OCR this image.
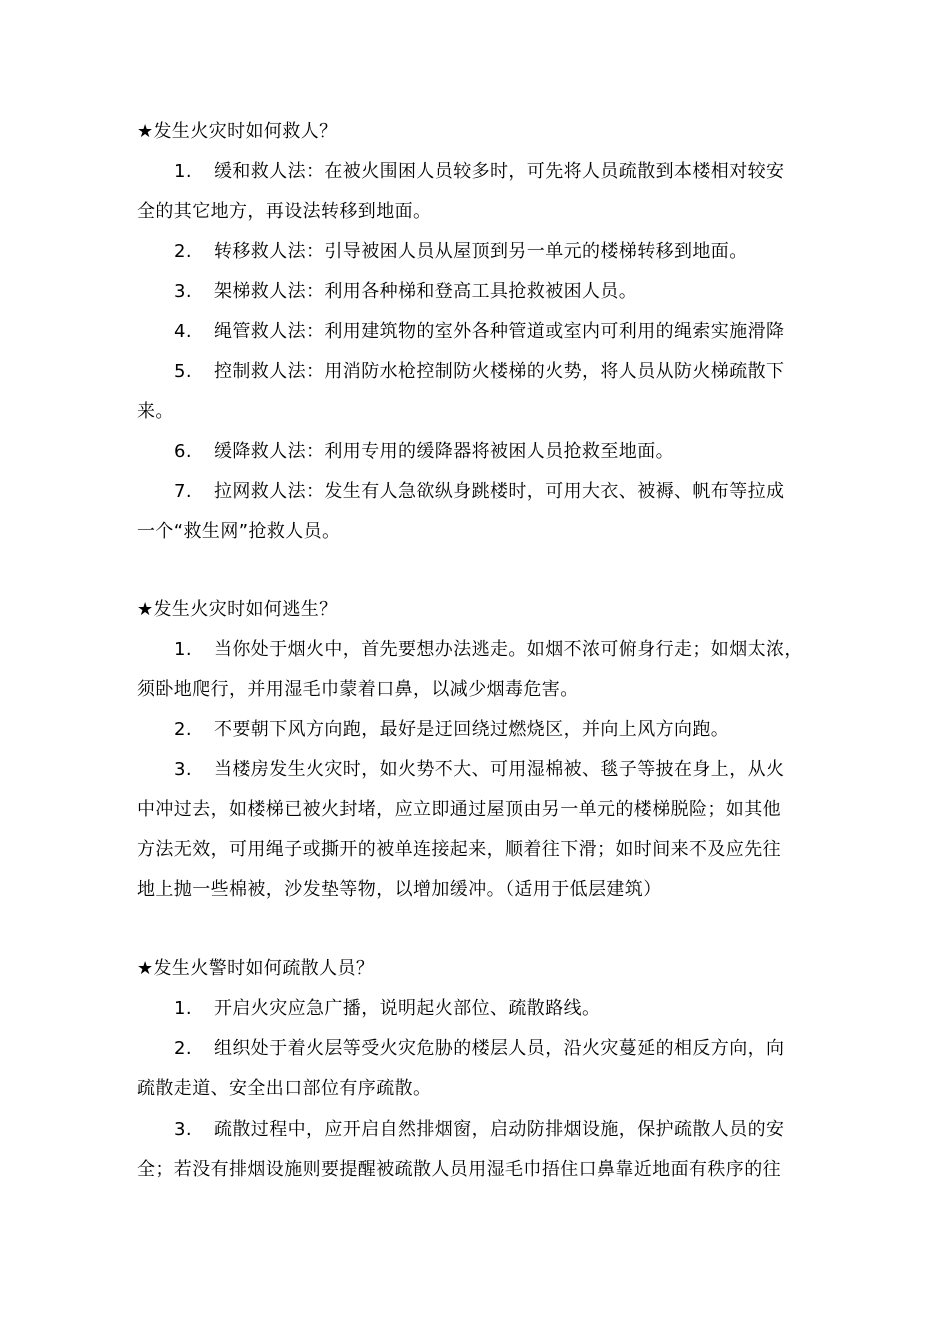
★发生火灾时如何救人？
1. 缓和救人法：在被火围困人员较多时，可先将人员疏散到本楼相对较安
全的其它地方，再设法转移到地面。
2. 转移救人法：引导被困人员从屋顶到另一单元的楼梯转移到地面。
3. 架梯救人法：利用各种梯和登高工具抢救被困人员。
4. 绳管救人法：利用建筑物的室外各种管道或室内可利用的绳索实施滑降
5. 控制救人法：用消防水枪控制防火楼梯的火势，将人员从防火梯疏散下
来。
6. 缓降救人法：利用专用的缓降器将被困人员抢救至地面。
7. 拉网救人法：发生有人急欲纵身跳楼时，可用大衣、被褥、帆布等拉成
一个“救生网”抢救人员。
★发生火灾时如何逃生？
1. 当你处于烟火中，首先要想办法逃走。如烟不浓可俯身行走；如烟太浓，
须卧地爬行，并用湿毛巾蒙着口鼻，以减少烟毒危害。
2. 不要朝下风方向跑，最好是迂回绕过燃烧区，并向上风方向跑。
3. 当楼房发生火灾时，如火势不大、可用湿棉被、毯子等披在身上，从火
中冲过去，如楼梯已被火封堵，应立即通过屋顶由另一单元的楼梯脱险；如其他
方法无效，可用绳子或撕开的被单连接起来，顺着往下滑；如时间来不及应先往
地上抛一些棉被，沙发垫等物，以增加缓冲。（适用于低层建筑）
★发生火警时如何疏散人员？
1. 开启火灾应急广播，说明起火部位、疏散路线。
2. 组织处于着火层等受火灾危胁的楼层人员，沿火灾蔓延的相反方向，向
疏散走道、安全出口部位有序疏散。
3. 疏散过程中，应开启自然排烟窗，启动防排烟设施，保护疏散人员的安
全；若没有排烟设施则要提醒被疏散人员用湿毛巾捂住口鼻靠近地面有秩序的往
